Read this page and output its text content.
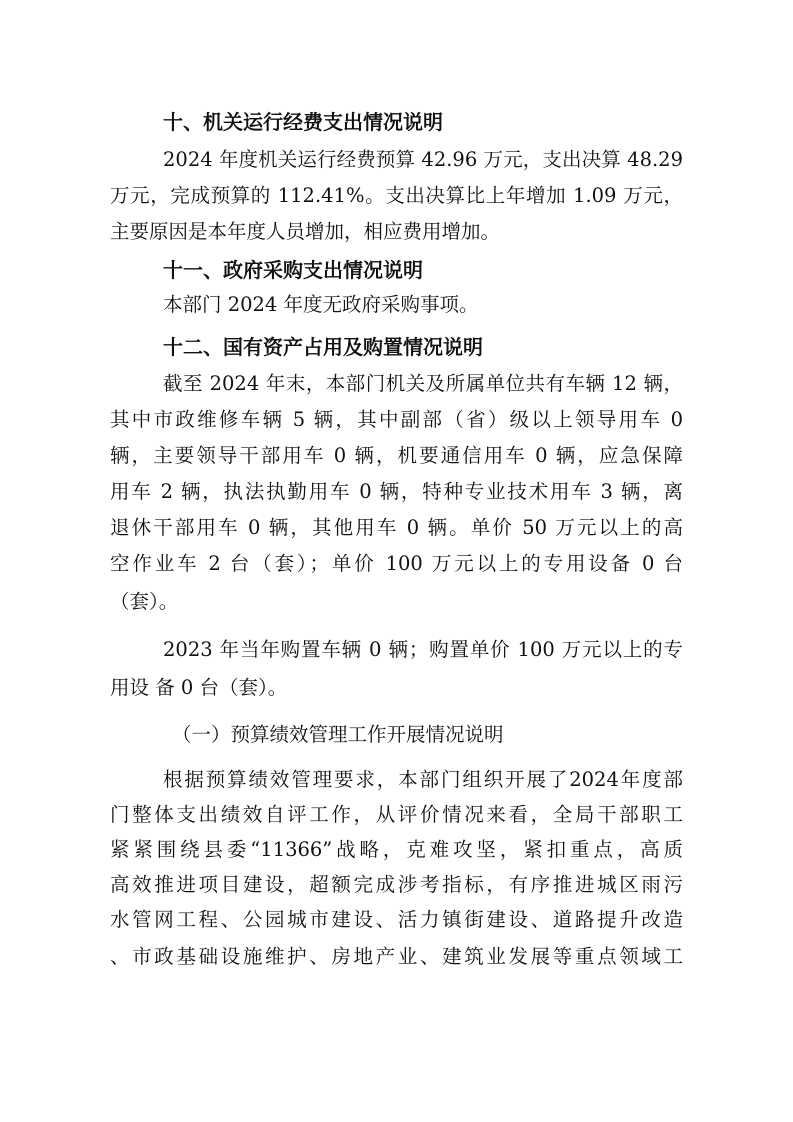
十、机关运行经费支出情况说明
2024 年度机关运行经费预算 42.96 万元，支出决算 48.29
万元，完成预算的 112.41%。支出决算比上年增加 1.09 万元，
主要原因是本年度人员增加，相应费用增加。
十一、政府采购支出情况说明
本部门 2024 年度无政府采购事项。
十二、国有资产占用及购置情况说明
截至 2024 年末，本部门机关及所属单位共有车辆 12 辆，
其中市政维修车辆 5 辆，其中副部（省）级以上领导用车 0
辆，主要领导干部用车 0 辆，机要通信用车 0 辆，应急保障
用车 2 辆，执法执勤用车 0 辆，特种专业技术用车 3 辆，离
退休干部用车 0 辆，其他用车 0 辆。单价 50 万元以上的高
空作业车 2 台（套）；单价 100 万元以上的专用设备 0 台
（套）。
2023 年当年购置车辆 0 辆；购置单价 100 万元以上的专
用设 备 0 台（套）。
（一）预算绩效管理工作开展情况说明
根据预算绩效管理要求，本部门组织开展了2024年度部
门整体支出绩效自评工作，从评价情况来看，全局干部职工
紧紧围绕县委“11366”战略，克难攻坚，紧扣重点，高质
高效推进项目建设，超额完成涉考指标，有序推进城区雨污
水管网工程、公园城市建设、活力镇街建设、道路提升改造
、市政基础设施维护、房地产业、建筑业发展等重点领域工
